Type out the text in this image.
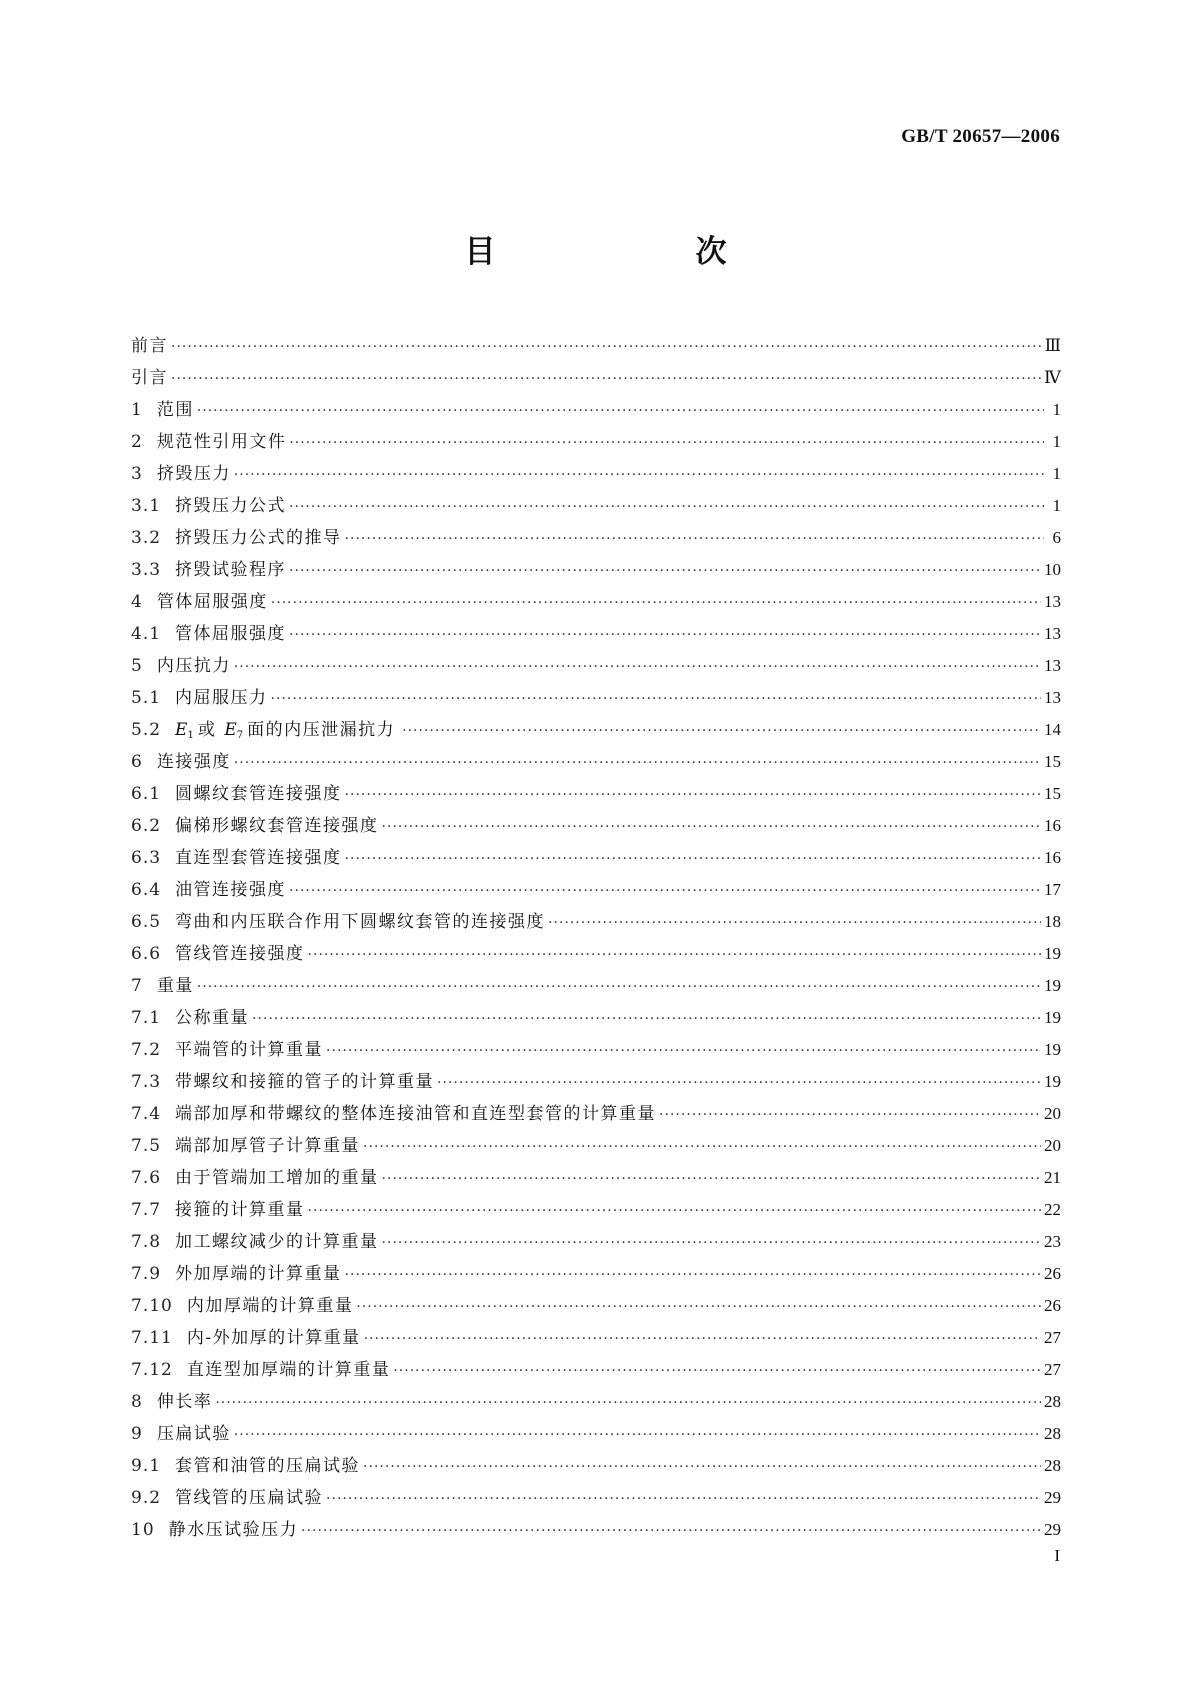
GB/T 20657—2006
目　　次
前言 ·····	Ⅲ
引言 ·····	Ⅳ
1 范围 ·····	1
2 规范性引用文件 ·····	1
3 挤毁压力 ·····	1
3.1 挤毁压力公式 ·····	1
3.2 挤毁压力公式的推导 ·····	6
3.3 挤毁试验程序 ·····	10
4 管体屈服强度 ·····	13
4.1 管体屈服强度 ·····	13
5 内压抗力 ·····	13
5.1 内屈服压力 ·····	13
5.2 E1 或 E7 面的内压泄漏抗力 ·····	14
6 连接强度 ·····	15
6.1 圆螺纹套管连接强度 ·····	15
6.2 偏梯形螺纹套管连接强度 ·····	16
6.3 直连型套管连接强度 ·····	16
6.4 油管连接强度 ·····	17
6.5 弯曲和内压联合作用下圆螺纹套管的连接强度 ·····	18
6.6 管线管连接强度 ·····	19
7 重量 ·····	19
7.1 公称重量 ·····	19
7.2 平端管的计算重量 ·····	19
7.3 带螺纹和接箍的管子的计算重量 ·····	19
7.4 端部加厚和带螺纹的整体连接油管和直连型套管的计算重量 ·····	20
7.5 端部加厚管子计算重量 ·····	20
7.6 由于管端加工增加的重量 ·····	21
7.7 接箍的计算重量 ·····	22
7.8 加工螺纹减少的计算重量 ·····	23
7.9 外加厚端的计算重量 ·····	26
7.10 内加厚端的计算重量 ·····	26
7.11 内-外加厚的计算重量 ·····	27
7.12 直连型加厚端的计算重量 ·····	27
8 伸长率 ·····	28
9 压扁试验 ·····	28
9.1 套管和油管的压扁试验 ·····	28
9.2 管线管的压扁试验 ·····	29
10 静水压试验压力 ·····	29
I
